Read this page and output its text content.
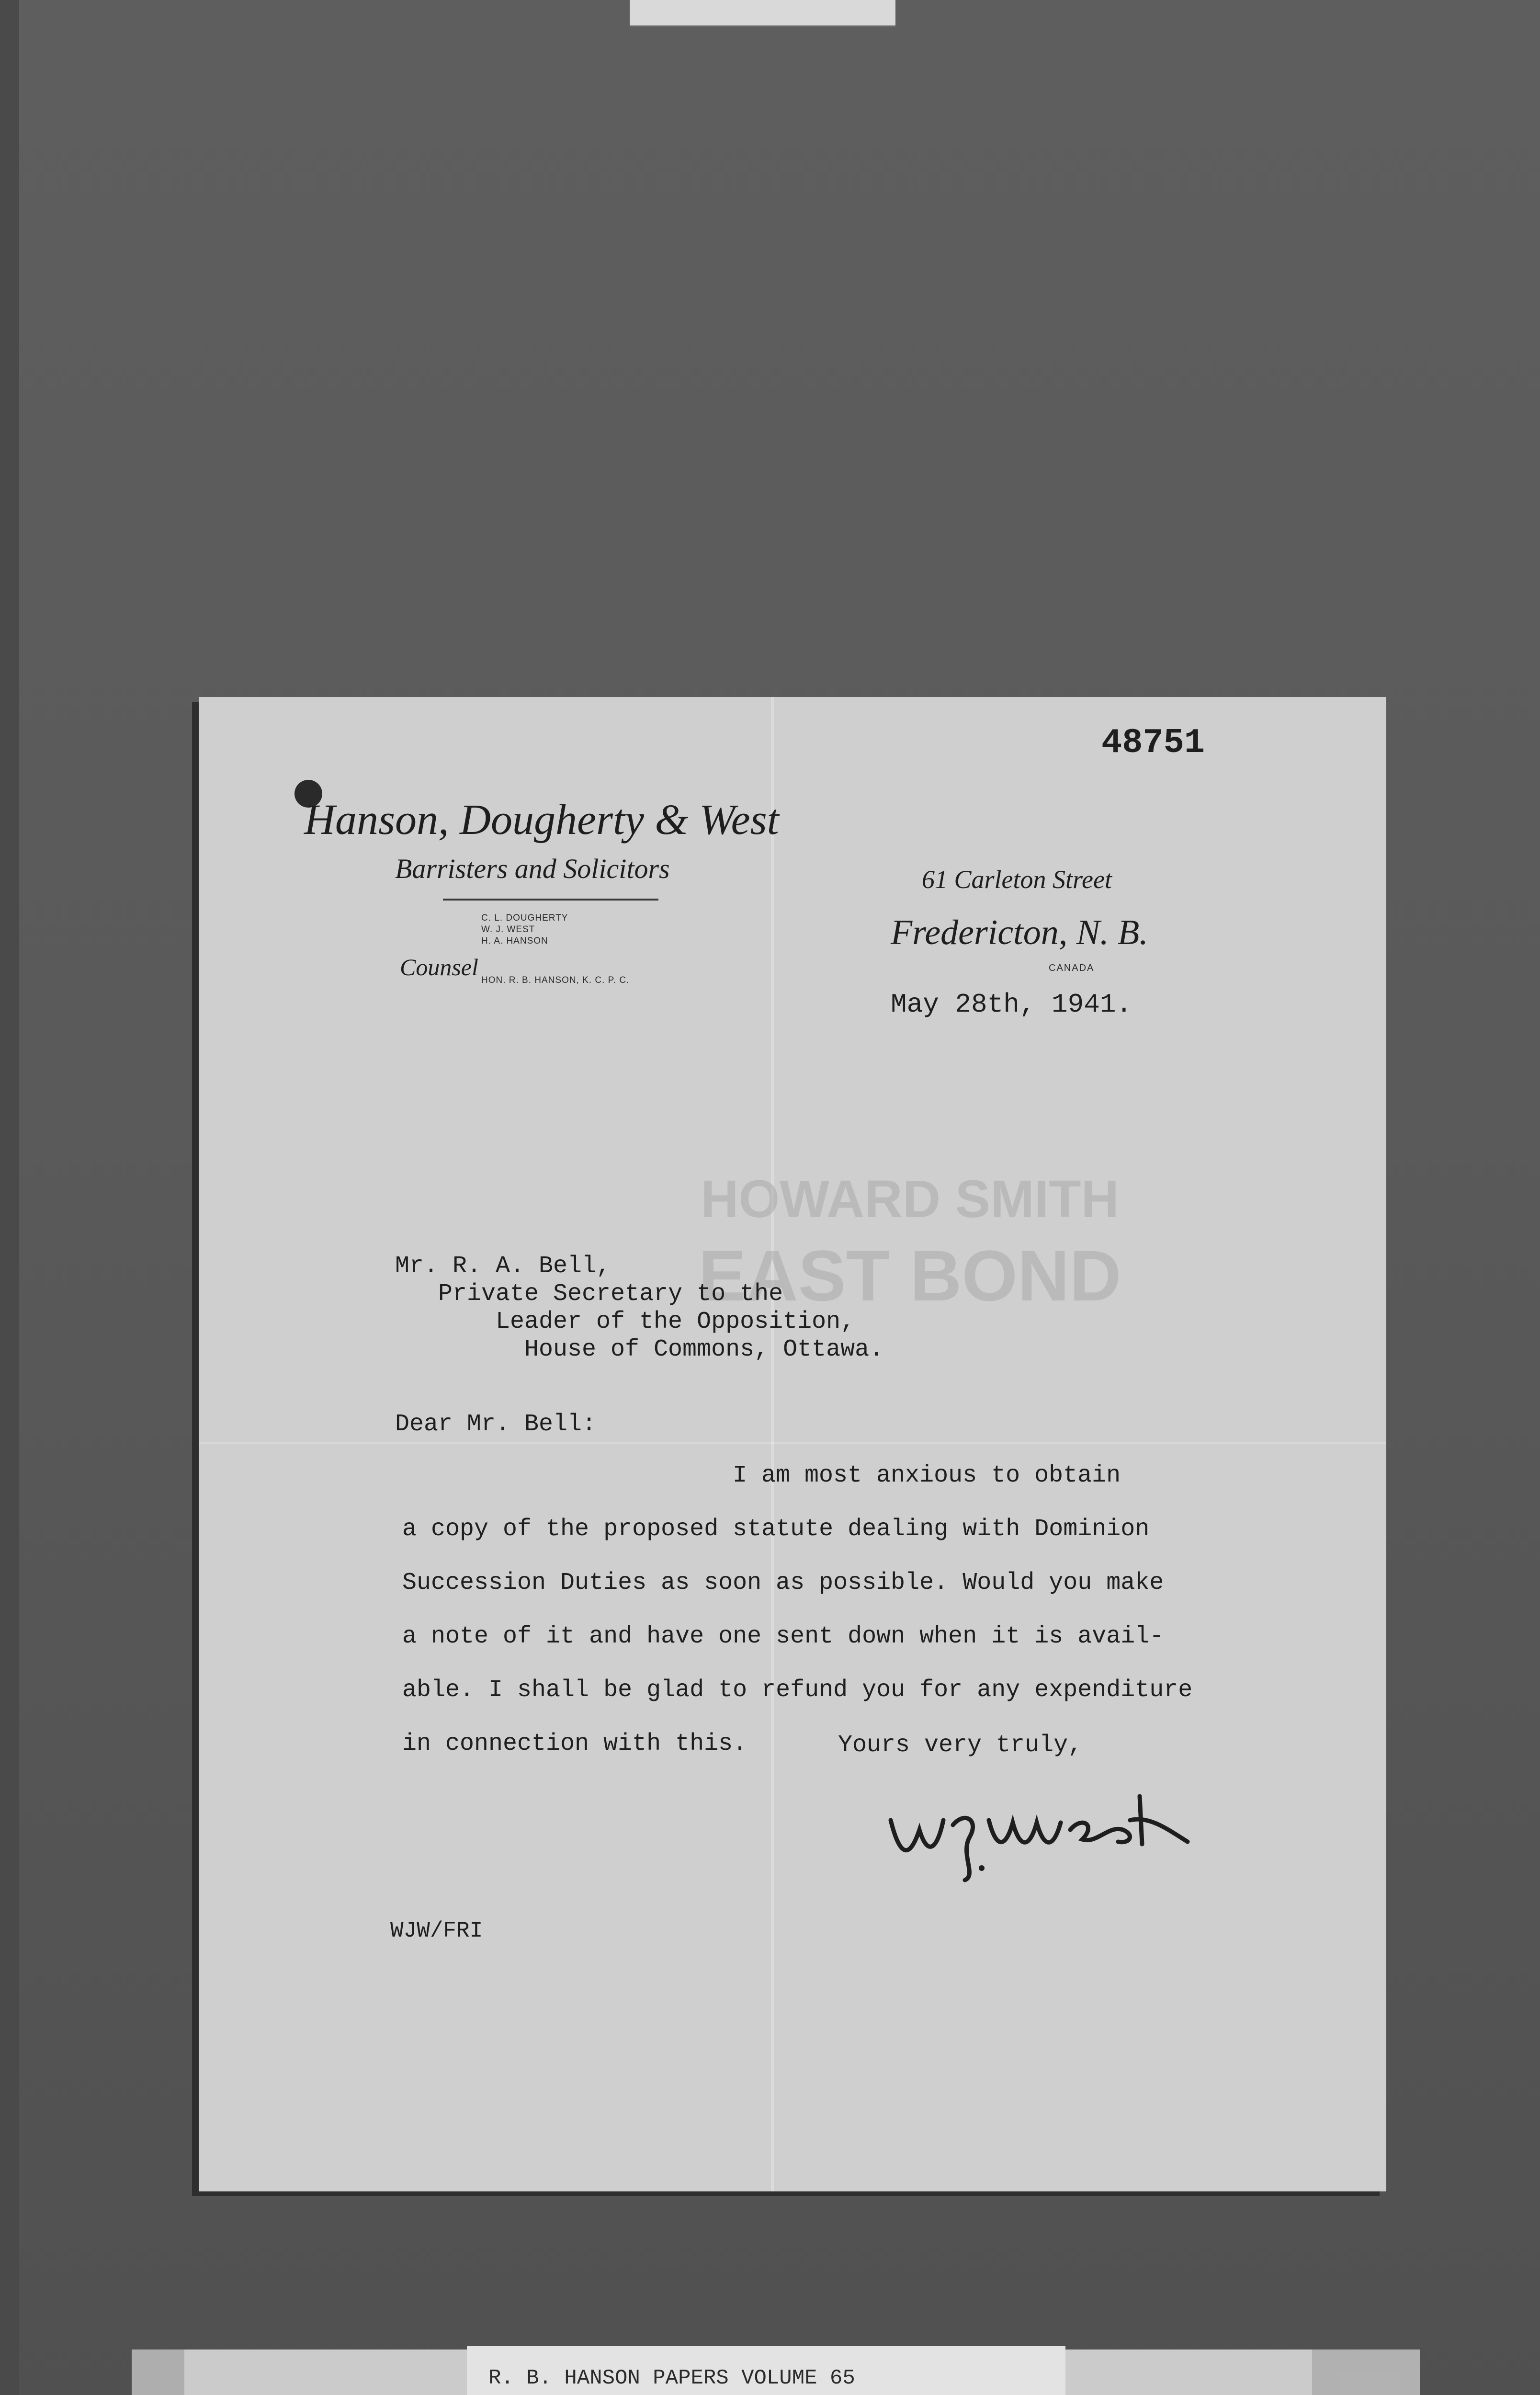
48751
Hanson, Dougherty & West
Barristers and Solicitors
C. L. DOUGHERTY
W. J. WEST
H. A. HANSON
Counsel HON. R. B. HANSON, K. C. P. C.
61 Carleton Street
Fredericton, N. B.
CANADA
May 28th, 1941.
HOWARD SMITH
EAST BOND
Mr. R. A. Bell,
Private Secretary to the
Leader of the Opposition,
House of Commons, Ottawa.
Dear Mr. Bell:
I am most anxious to obtain
a copy of the proposed statute dealing with Dominion
Succession Duties as soon as possible. Would you make
a note of it and have one sent down when it is avail-
able. I shall be glad to refund you for any expenditure
in connection with this.	Yours very truly,
WJW/FRI
R. B. HANSON PAPERS VOLUME 65
